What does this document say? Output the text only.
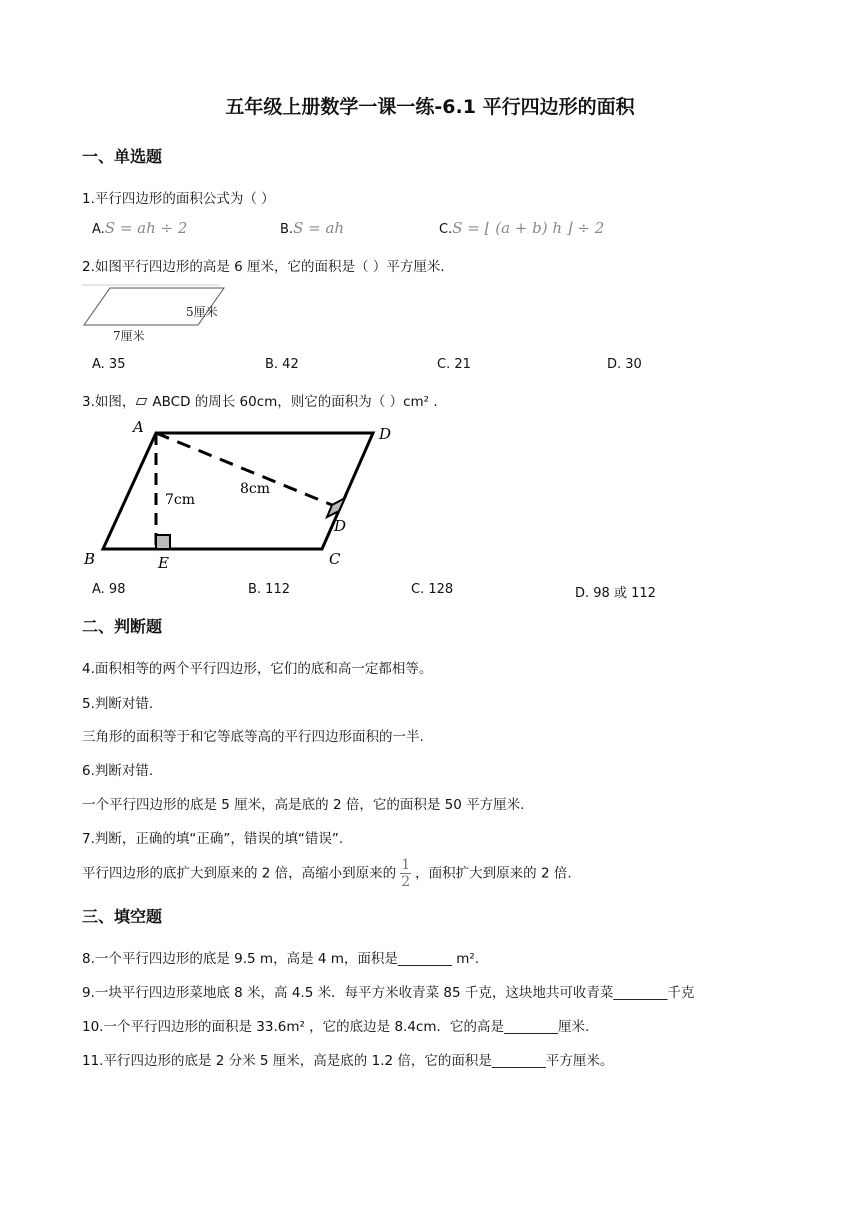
五年级上册数学一课一练-6.1 平行四边形的面积
一、单选题
1.平行四边形的面积公式为（ ）
A.S = ah ÷ 2	B.S = ah	C.S = ⌊ (a + b) h ⌋ ÷ 2
2.如图平行四边形的高是 6 厘米，它的面积是（ ）平方厘米.
5厘米
7厘米
A. 35	B. 42	C. 21	D. 30
3.如图， ABCD 的周长 60cm，则它的面积为（ ）cm² .
A	D
B	C
E
D
7cm
8cm
A. 98	B. 112	C. 128	D. 98 或 112
二、判断题
4.面积相等的两个平行四边形，它们的底和高一定都相等。
5.判断对错.
三角形的面积等于和它等底等高的平行四边形面积的一半.
6.判断对错.
一个平行四边形的底是 5 厘米，高是底的 2 倍，它的面积是 50 平方厘米.
7.判断，正确的填“正确”，错误的填“错误”.
平行四边形的底扩大到原来的 2 倍，高缩小到原来的 $\frac{1}{2}$ ，面积扩大到原来的 2 倍.
三、填空题
8.一个平行四边形的底是 9.5 m，高是 4 m，面积是________ m².
9.一块平行四边形菜地底 8 米，高 4.5 米．每平方米收青菜 85 千克，这块地共可收青菜________千克
10.一个平行四边形的面积是 33.6m² ，它的底边是 8.4cm．它的高是________厘米.
11.平行四边形的底是 2 分米 5 厘米，高是底的 1.2 倍，它的面积是________平方厘米。
